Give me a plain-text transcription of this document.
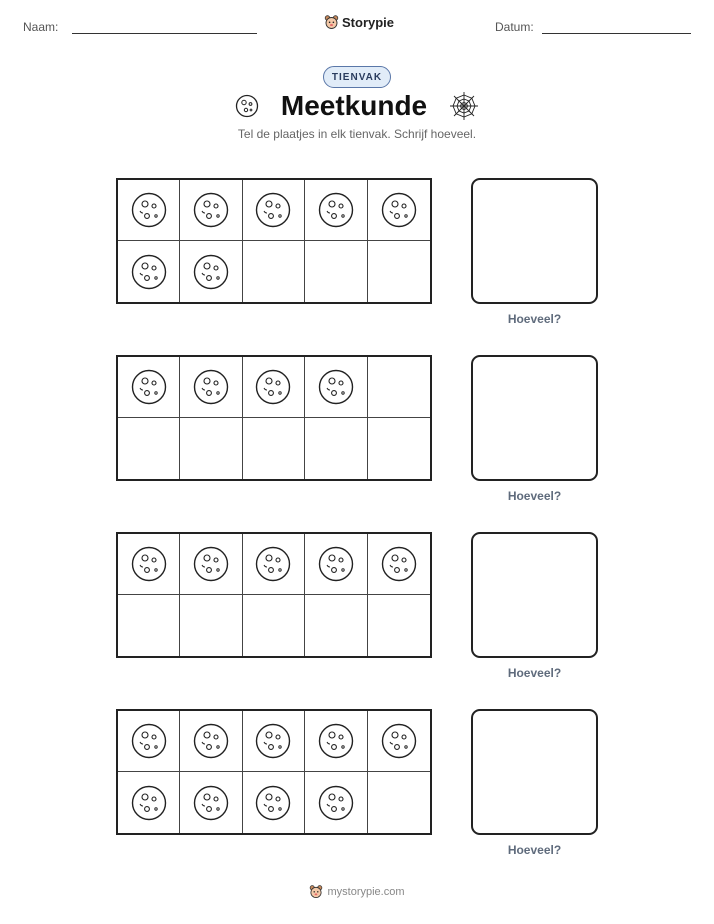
Naam:	Storypie	Datum:
TIENVAK
Meetkunde
Tel de plaatjes in elk tienvak. Schrijf hoeveel.
Hoeveel?
Hoeveel?
Hoeveel?
Hoeveel?
mystorypie.com
